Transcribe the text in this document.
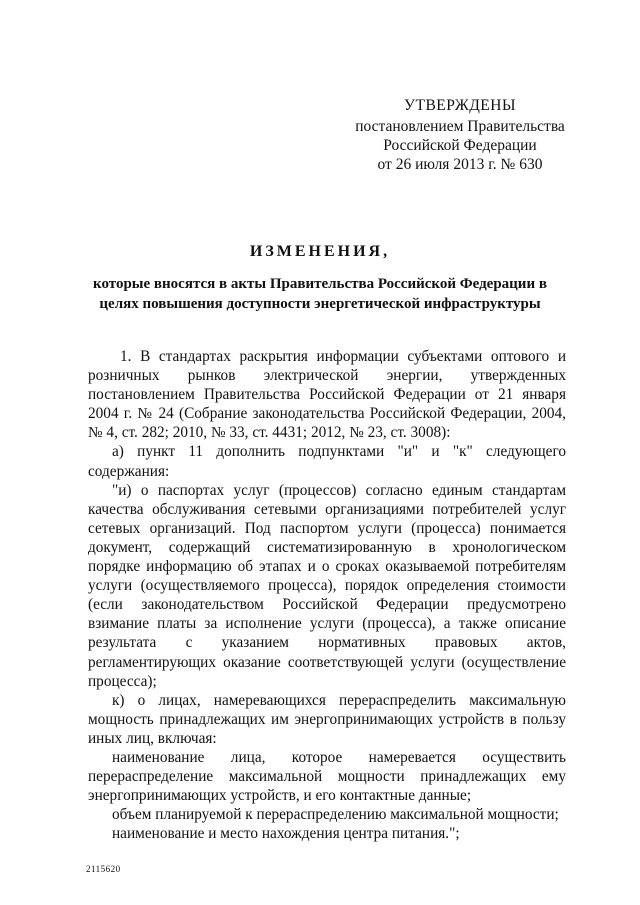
УТВЕРЖДЕНЫ
постановлением Правительства
Российской Федерации
от 26 июля 2013 г. № 630
ИЗМЕНЕНИЯ,
которые вносятся в акты Правительства Российской Федерации в целях повышения доступности энергетической инфраструктуры

1. В стандартах раскрытия информации субъектами оптового и розничных рынков электрической энергии, утвержденных постановлением Правительства Российской Федерации от 21 января 2004 г. № 24 (Собрание законодательства Российской Федерации, 2004, № 4, ст. 282; 2010, № 33, ст. 4431; 2012, № 23, ст. 3008):

а) пункт 11 дополнить подпунктами "и" и "к" следующего содержания:

"и) о паспортах услуг (процессов) согласно единым стандартам качества обслуживания сетевыми организациями потребителей услуг сетевых организаций. Под паспортом услуги (процесса) понимается документ, содержащий систематизированную в хронологическом порядке информацию об этапах и о сроках оказываемой потребителям услуги (осуществляемого процесса), порядок определения стоимости (если законодательством Российской Федерации предусмотрено взимание платы за исполнение услуги (процесса), а также описание результата с указанием нормативных правовых актов, регламентирующих оказание соответствующей услуги (осуществление процесса);

к) о лицах, намеревающихся перераспределить максимальную мощность принадлежащих им энергопринимающих устройств в пользу иных лиц, включая:

наименование лица, которое намеревается осуществить перераспределение максимальной мощности принадлежащих ему энергопринимающих устройств, и его контактные данные;

объем планируемой к перераспределению максимальной мощности;

наименование и место нахождения центра питания.";

2115620
